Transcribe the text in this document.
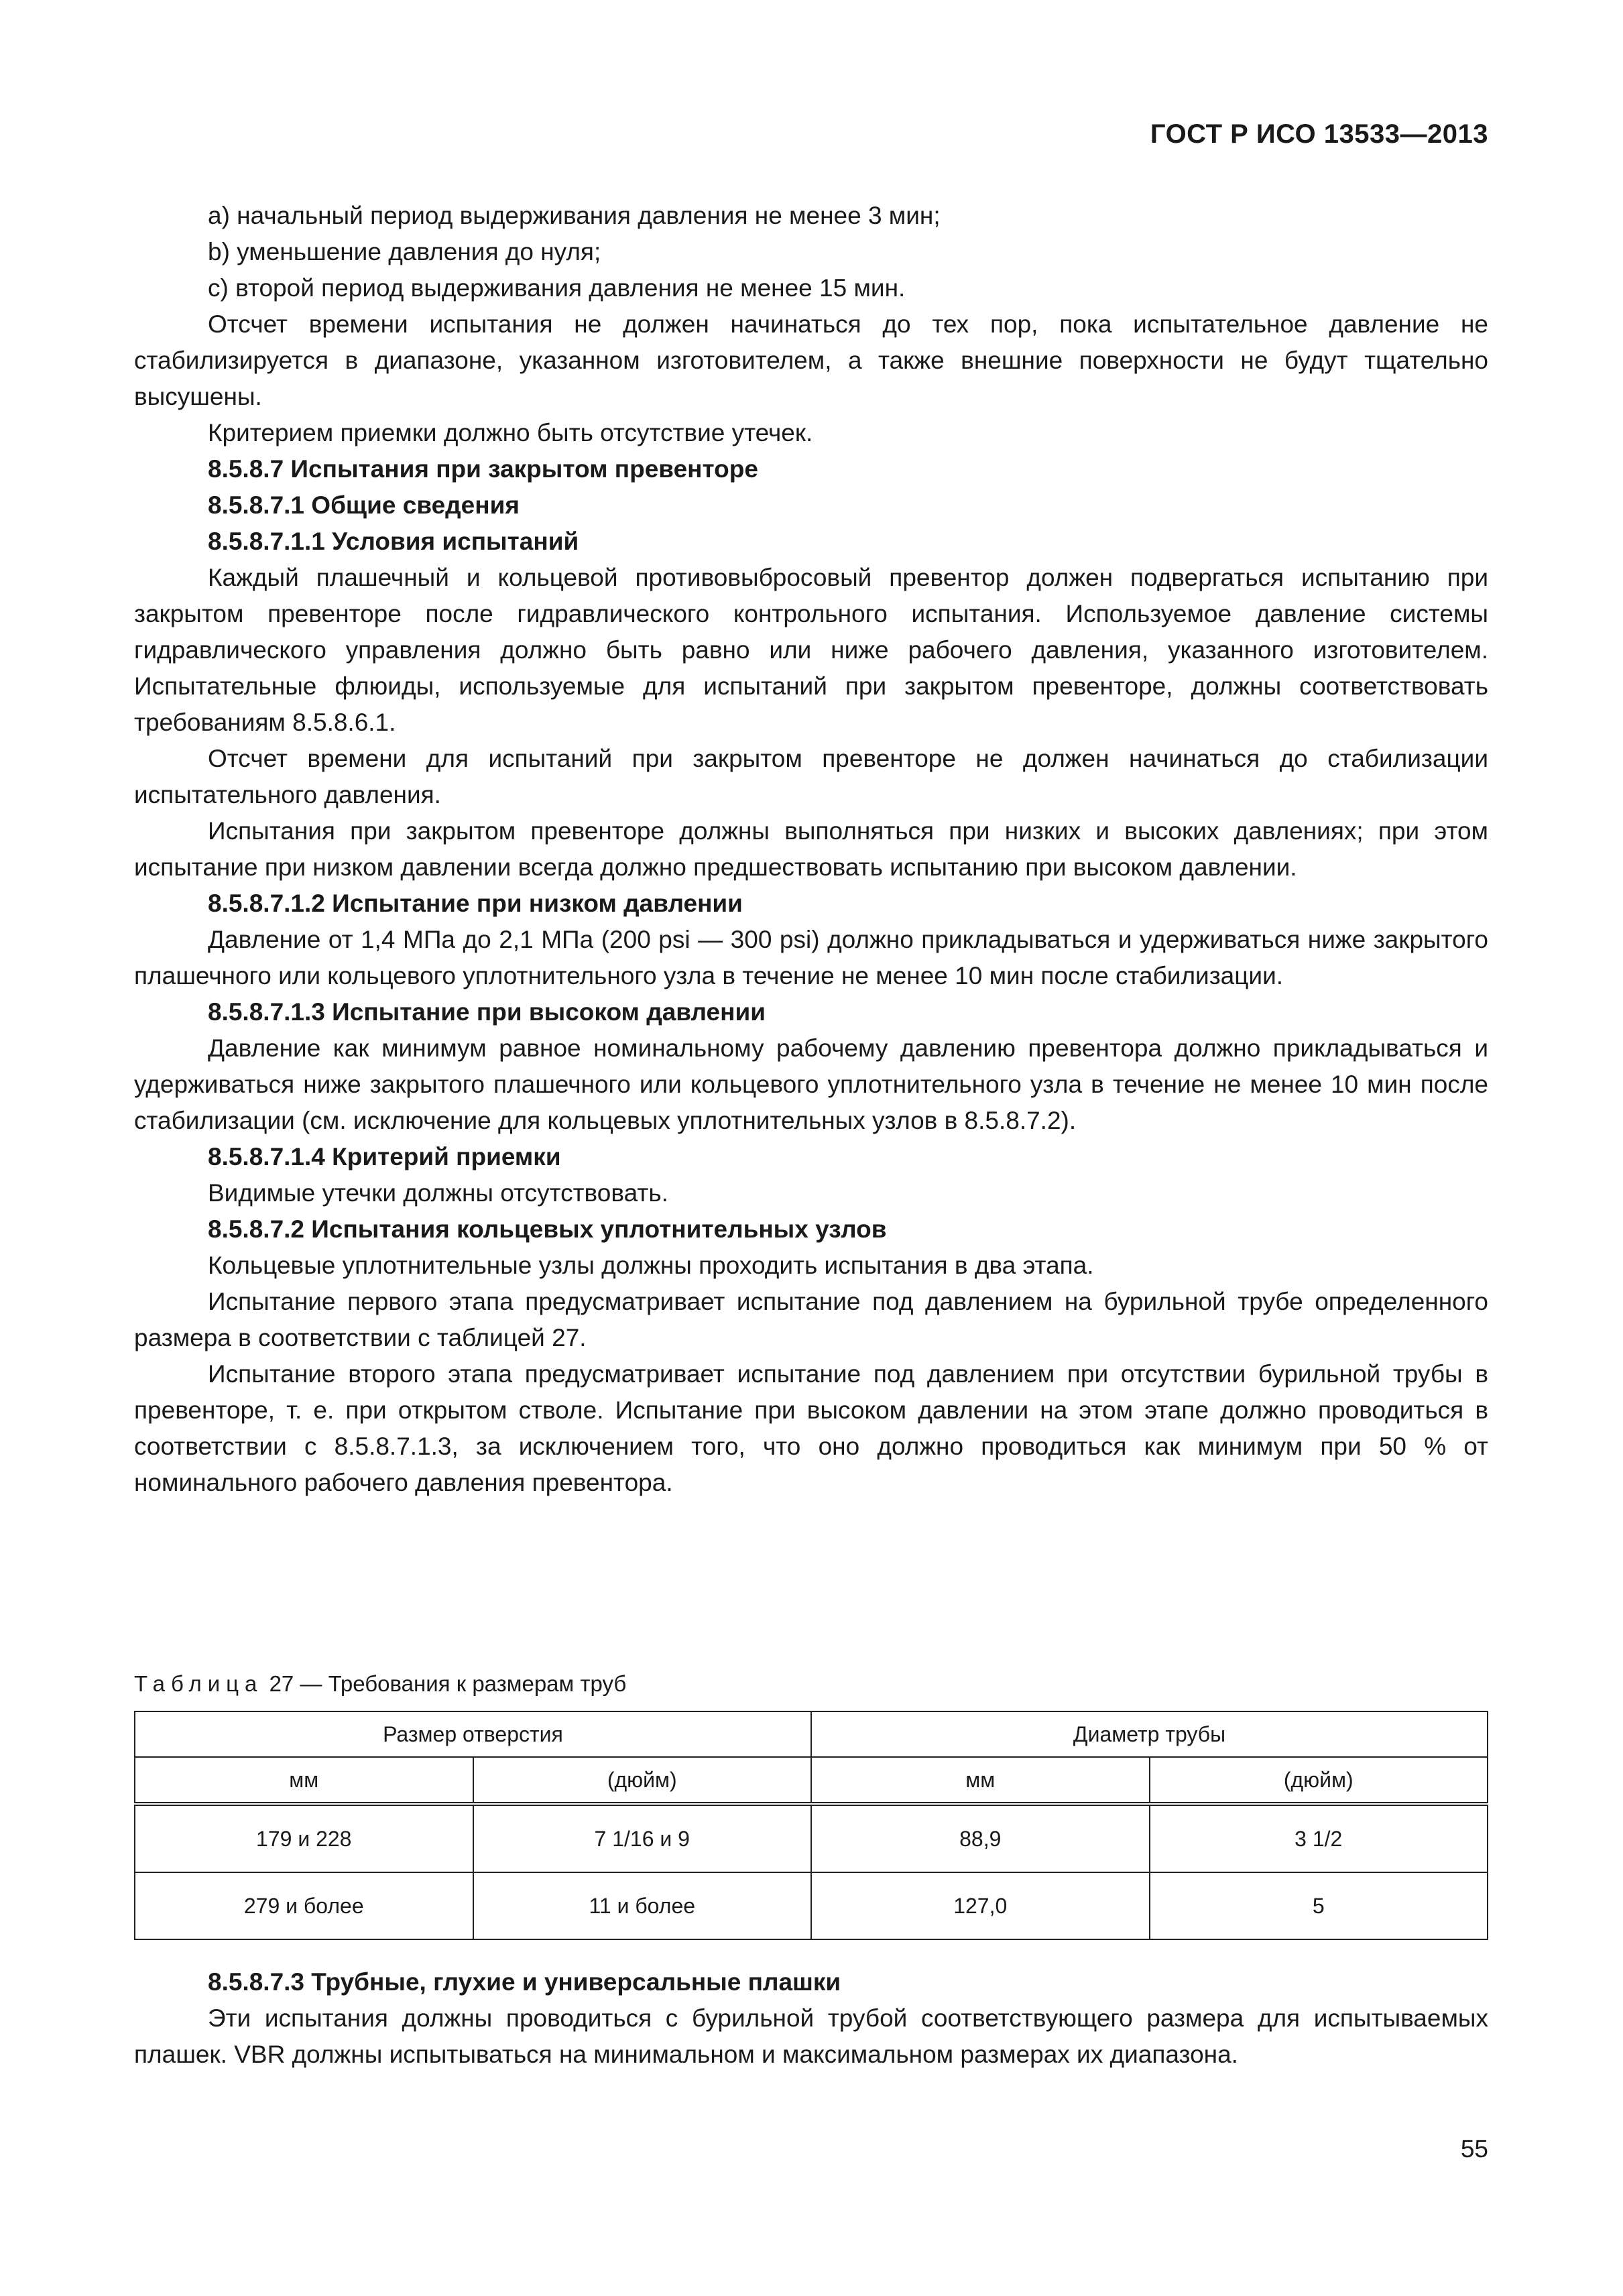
ГОСТ Р ИСО 13533—2013

a) начальный период выдерживания давления не менее 3 мин;

b) уменьшение давления до нуля;

c) второй период выдерживания давления не менее 15 мин.

Отсчет времени испытания не должен начинаться до тех пор, пока испытательное давление не стабилизируется в диапазоне, указанном изготовителем, а также внешние поверхности не будут тщательно высушены.

Критерием приемки должно быть отсутствие утечек.

8.5.8.7 Испытания при закрытом превенторе
8.5.8.7.1 Общие сведения
8.5.8.7.1.1 Условия испытаний

Каждый плашечный и кольцевой противовыбросовый превентор должен подвергаться испытанию при закрытом превенторе после гидравлического контрольного испытания. Используемое давление системы гидравлического управления должно быть равно или ниже рабочего давления, указанного изготовителем. Испытательные флюиды, используемые для испытаний при закрытом превенторе, должны соответствовать требованиям 8.5.8.6.1.

Отсчет времени для испытаний при закрытом превенторе не должен начинаться до стабилизации испытательного давления.

Испытания при закрытом превенторе должны выполняться при низких и высоких давлениях; при этом испытание при низком давлении всегда должно предшествовать испытанию при высоком давлении.

8.5.8.7.1.2 Испытание при низком давлении

Давление от 1,4 МПа до 2,1 МПа (200 psi — 300 psi) должно прикладываться и удерживаться ниже закрытого плашечного или кольцевого уплотнительного узла в течение не менее 10 мин после стабилизации.

8.5.8.7.1.3 Испытание при высоком давлении

Давление как минимум равное номинальному рабочему давлению превентора должно прикладываться и удерживаться ниже закрытого плашечного или кольцевого уплотнительного узла в течение не менее 10 мин после стабилизации (см. исключение для кольцевых уплотнительных узлов в 8.5.8.7.2).

8.5.8.7.1.4 Критерий приемки

Видимые утечки должны отсутствовать.

8.5.8.7.2 Испытания кольцевых уплотнительных узлов

Кольцевые уплотнительные узлы должны проходить испытания в два этапа.

Испытание первого этапа предусматривает испытание под давлением на бурильной трубе определенного размера в соответствии с таблицей 27.

Испытание второго этапа предусматривает испытание под давлением при отсутствии бурильной трубы в превенторе, т. е. при открытом стволе. Испытание при высоком давлении на этом этапе должно проводиться в соответствии с 8.5.8.7.1.3, за исключением того, что оно должно проводиться как минимум при 50 % от номинального рабочего давления превентора.

Таблица 27 — Требования к размерам труб
Размер отверстия		Диаметр трубы	
мм	(дюйм)	мм	(дюйм)
179 и 228	7 1/16 и 9	88,9	3 1/2
279 и более	11 и более	127,0	5
8.5.8.7.3 Трубные, глухие и универсальные плашки

Эти испытания должны проводиться с бурильной трубой соответствующего размера для испытываемых плашек. VBR должны испытываться на минимальном и максимальном размерах их диапазона.

55
